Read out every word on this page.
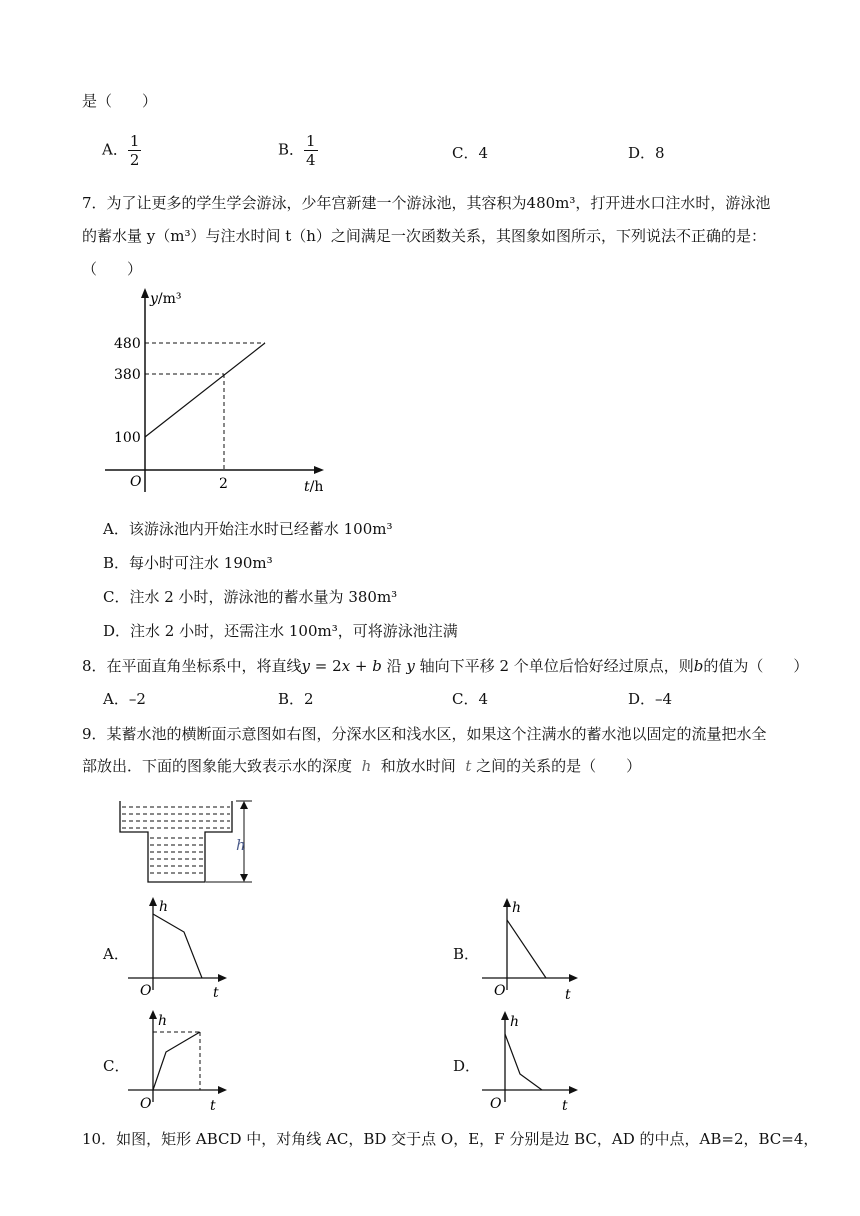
是（　　）
A． $\frac{1}{2}$	B． $\frac{1}{4}$	C．4	D．8
7．为了让更多的学生学会游泳，少年宫新建一个游泳池，其容积为480m³，打开进水口注水时，游泳池
的蓄水量 y（m³）与注水时间 t（h）之间满足一次函数关系，其图象如图所示，下列说法不正确的是：
（　　）
y/m³
480
380
100
O	2	t/h
A．该游泳池内开始注水时已经蓄水 100m³
B．每小时可注水 190m³
C．注水 2 小时，游泳池的蓄水量为 380m³
D．注水 2 小时，还需注水 100m³，可将游泳池注满
8．在平面直角坐标系中，将直线y = 2x + b 沿 y 轴向下平移 2 个单位后恰好经过原点，则b的值为（　　）
A．–2	B．2	C．4	D．–4
9．某蓄水池的横断面示意图如右图，分深水区和浅水区，如果这个注满水的蓄水池以固定的流量把水全
部放出．下面的图象能大致表示水的深度 h 和放水时间 t 之间的关系的是（　　）
h
A．
h
O	t
B．
h
O	t
C．
h
O	t
D．
h
O	t
10．如图，矩形 ABCD 中，对角线 AC，BD 交于点 O，E，F 分别是边 BC，AD 的中点，AB=2，BC=4，
